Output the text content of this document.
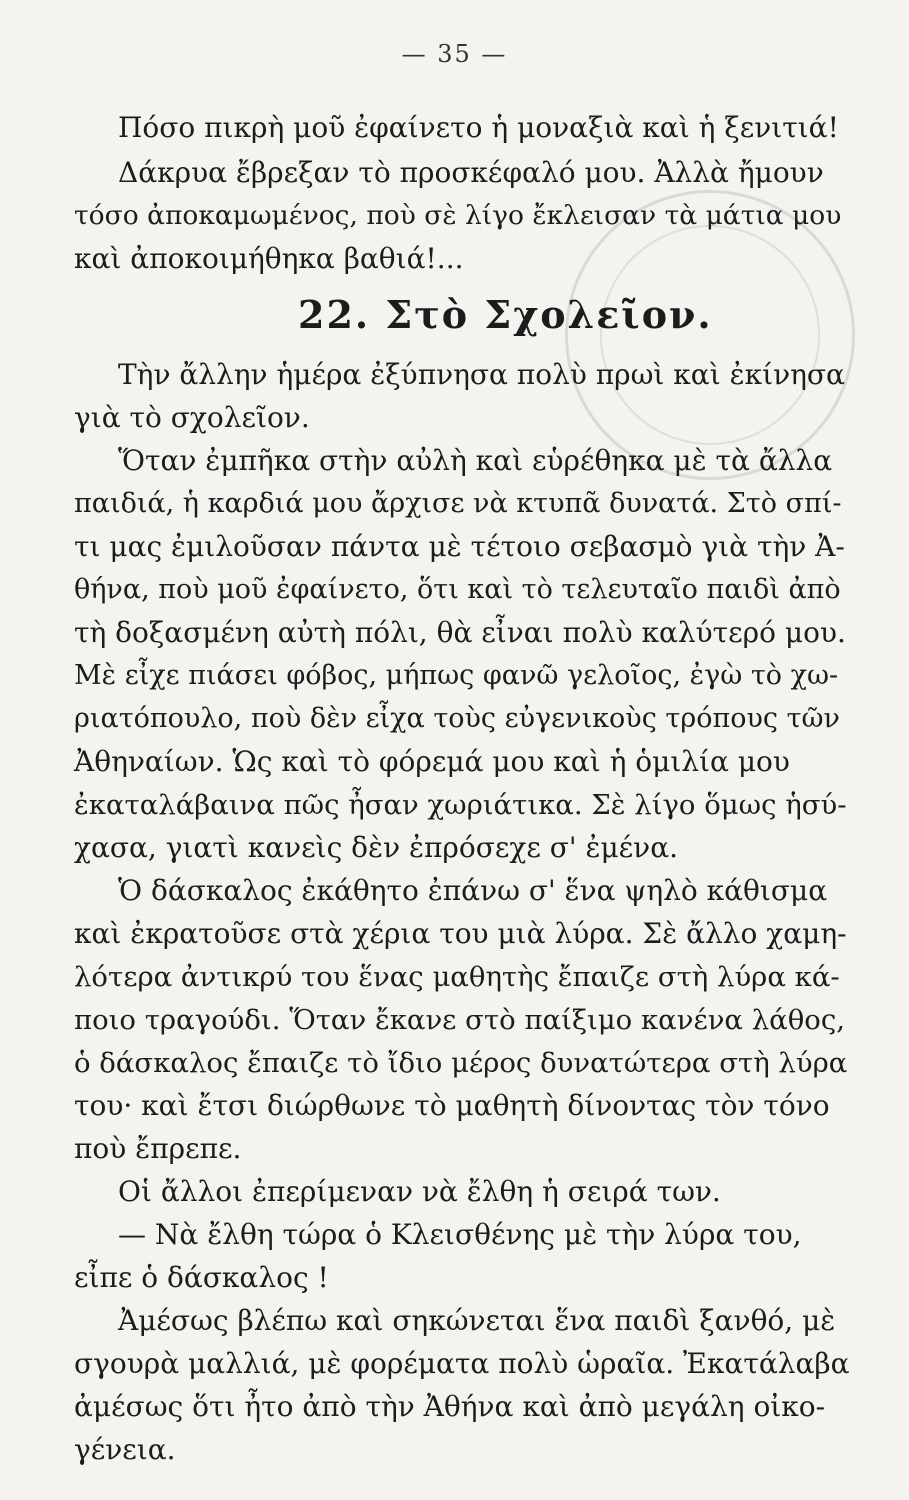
— 35 —
Πόσο πικρὴ μοῦ ἐφαίνετο ἡ μοναξιὰ καὶ ἡ ξενιτιά!
Δάκρυα ἔβρεξαν τὸ προσκέφαλό μου. Ἀλλὰ ἤμουν
τόσο ἀποκαμωμένος, ποὺ σὲ λίγο ἔκλεισαν τὰ μάτια μου
καὶ ἀποκοιμήθηκα βαθιά!...
22. Στὸ Σχολεῖον.
Τὴν ἄλλην ἡμέρα ἐξύπνησα πολὺ πρωὶ καὶ ἐκίνησα
γιὰ τὸ σχολεῖον.
Ὅταν ἐμπῆκα στὴν αὐλὴ καὶ εὑρέθηκα μὲ τὰ ἄλλα
παιδιά, ἡ καρδιά μου ἄρχισε νὰ κτυπᾶ δυνατά. Στὸ σπί-
τι μας ἐμιλοῦσαν πάντα μὲ τέτοιο σεβασμὸ γιὰ τὴν Ἀ-
θήνα, ποὺ μοῦ ἐφαίνετο, ὅτι καὶ τὸ τελευταῖο παιδὶ ἀπὸ
τὴ δοξασμένη αὐτὴ πόλι, θὰ εἶναι πολὺ καλύτερό μου.
Μὲ εἶχε πιάσει φόβος, μήπως φανῶ γελοῖος, ἐγὼ τὸ χω-
ριατόπουλο, ποὺ δὲν εἶχα τοὺς εὐγενικοὺς τρόπους τῶν
Ἀθηναίων. Ὡς καὶ τὸ φόρεμά μου καὶ ἡ ὁμιλία μου
ἐκαταλάβαινα πῶς ἦσαν χωριάτικα. Σὲ λίγο ὅμως ἡσύ-
χασα, γιατὶ κανεὶς δὲν ἐπρόσεχε σ' ἐμένα.
Ὁ δάσκαλος ἐκάθητο ἐπάνω σ' ἕνα ψηλὸ κάθισμα
καὶ ἐκρατοῦσε στὰ χέρια του μιὰ λύρα. Σὲ ἄλλο χαμη-
λότερα ἀντικρύ του ἕνας μαθητὴς ἔπαιζε στὴ λύρα κά-
ποιο τραγούδι. Ὅταν ἔκανε στὸ παίξιμο κανένα λάθος,
ὁ δάσκαλος ἔπαιζε τὸ ἴδιο μέρος δυνατώτερα στὴ λύρα
του· καὶ ἔτσι διώρθωνε τὸ μαθητὴ δίνοντας τὸν τόνο
ποὺ ἔπρεπε.
Οἱ ἄλλοι ἐπερίμεναν νὰ ἔλθη ἡ σειρά των.
— Νὰ ἔλθη τώρα ὁ Κλεισθένης μὲ τὴν λύρα του,
εἶπε ὁ δάσκαλος !
Ἀμέσως βλέπω καὶ σηκώνεται ἕνα παιδὶ ξανθό, μὲ
σγουρὰ μαλλιά, μὲ φορέματα πολὺ ὡραῖα. Ἐκατάλαβα
ἀμέσως ὅτι ἦτο ἀπὸ τὴν Ἀθήνα καὶ ἀπὸ μεγάλη οἰκο-
γένεια.
